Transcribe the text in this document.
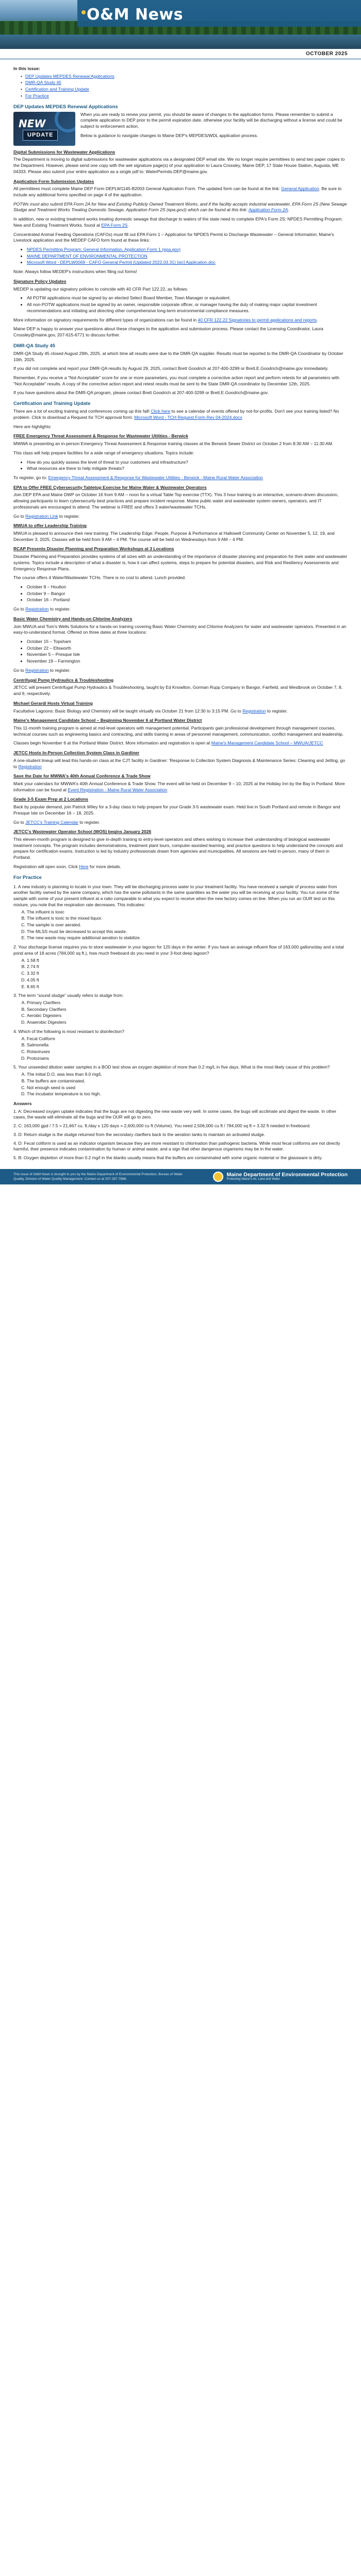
O&M News
OCTOBER 2025
In this issue:
• DEP Updates MEPDES Renewal Applications
• DMR-QA Study 45
• Certification and Training Update
• For Practice
DEP Updates MEPDES Renewal Applications
NEW
UPDATE

When you are ready to renew your permit, you should be aware of changes to the application forms. Please remember to submit a complete application to DEP prior to the permit expiration date, otherwise your facility will be discharging without a license and could be subject to enforcement action.

Below is guidance to navigate changes to Maine DEP's MEPDES/WDL application process.

Digital Submissions for Wastewater Applications

The Department is moving to digital submissions for wastewater applications via a designated DEP email site. We no longer require permittees to send two paper copies to the Department. However, please send one copy with the wet signature page(s) of your application to Laura Crossley, Maine DEP, 17 State House Station, Augusta, ME 04333. Please also submit your entire application as a single pdf to: WaterPermits.DEP@maine.gov.

Application Form Submission Updates

All permittees must complete Maine DEP Form DEPLW1145-B2003 General Application Form. The updated form can be found at the link: General Application. Be sure to include any additional forms specified on page 4 of the application.

POTWs must also submit EPA Form 2A for New and Existing Publicly Owned Treatment Works, and if the facility accepts industrial wastewater, EPA Form 2S (New Sewage Sludge and Treatment Works Treating Domestic Sewage, Application Form 2S (epa.gov)) which can be found at this link: Application Form 2A.

In addition, new or existing treatment works treating domestic sewage that discharge to waters of the state need to complete EPA's Form 2S: NPDES Permitting Program: New and Existing Treatment Works, found at EPA Form 2S.

Concentrated Animal Feeding Operations (CAFOs) must fill out EPA Form 1 – Application for NPDES Permit to Discharge Wastewater – General Information; Maine's Livestock application and the MEDEP CAFO form found at these links:

• NPDES Permitting Program: General Information, Application Form 1 (epa.gov)
• MAINE DEPARTMENT OF ENVIRONMENTAL PROTECTION
• Microsoft Word - DEPLW0069 - CAFO General Permit (Updated 2022.03.31) [sic] Application.doc

Note: Always follow MEDEP's instructions when filing out forms!

Signature Policy Updates

MEDEP is updating our signatory policies to coincide with 40 CFR Part 122.22, as follows:

• All POTW applications must be signed by an elected Select Board Member, Town Manager or equivalent.
• All non-POTW applications must be signed by an owner, responsible corporate officer, or manager having the duty of making major capital investment recommendations and initiating and directing other comprehensive long-term environmental compliance measures.

More information on signatory requirements for different types of organizations can be found in 40 CFR 122.22 Signatories to permit applications and reports.

Maine DEP is happy to answer your questions about these changes to the application and submission process. Please contact the Licensing Coordinator, Laura Crossley@maine.gov, 207-615-6771 to discuss further.

DMR-QA Study 45

DMR-QA Study 45 closed August 29th, 2025, at which time all results were due to the DMR-QA supplier. Results must be reported to the DMR-QA Coordinator by October 10th, 2025.

If you did not complete and report your DMR-QA results by August 29, 2025, contact Brett Goodrich at 207-400-3299 or Brett.E.Goodrich@maine.gov immediately.

Remember, if you receive a "Not Acceptable" score for one or more parameters, you must complete a corrective action report and perform retests for all parameters with "Not Acceptable" results. A copy of the corrective action report and retest results must be sent to the State DMR-QA coordinator by December 12th, 2025.

If you have questions about the DMR-QA program, please contact Brett Goodrich at 207-400-3299 or Brett.E.Goodrich@maine.gov.

Certification and Training Update

There are a lot of exciting training and conferences coming up this fall! Click here to see a calendar of events offered by not-for-profits. Don't see your training listed? No problem. Click to download a Request for TCH approval form: Microsoft Word - TCH Request Form Rev 04-2024.docx

Here are highlights:

FREE Emergency Threat Assessment & Response for Wastewater Utilities - Berwick

MWWA is presenting an in-person Emergency Threat Assessment & Response training classes at the Berwick Sewer District on October 2 from 8:30 AM – 11:30 AM.

This class will help prepare facilities for a wide range of emergency situations. Topics include:

• How do you quickly assess the level of threat to your customers and infrastructure?
• What resources are there to help mitigate threats?

To register, go to: Emergency Threat Assessment & Response for Wastewater Utilities - Berwick - Maine Rural Water Association

EPA to Offer FREE Cybersecurity Tabletop Exercise for Maine Water & Wastewater Operators

Join DEP EPA and Maine DWP on October 16 from 9 AM – noon for a virtual Table Top exercise (TTX). This 3 hour training is an interactive, scenario-driven discussion, allowing participants to learn cybersecurity best practices and prepare incident response. Maine public water and wastewater system owners, operators, and IT professionals are encouraged to attend. The webinar is FREE and offers 3 water/wastewater TCHs.

Go to Registration Link to register.

MWUA to offer Leadership Training

MWUA is pleased to announce their new training: The Leadership Edge: People, Purpose & Performance at Hallowell Community Center on November 5, 12, 19, and December 3, 2025. Classes will be held from 9 AM – 4 PM. The course will be held on Wednesdays from 9 AM – 4 PM.

RCAP Presents Disaster Planning and Preparation Workshops at 3 Locations

Disaster Planning and Preparation provides systems of all sizes with an understanding of the importance of disaster planning and preparation for their water and wastewater systems. Topics include a description of what a disaster is, how it can affect systems, steps to prepare for potential disasters, and Risk and Resiliency Assessments and Emergency Response Plans.

The course offers 4 Water/Wastewater TCHs. There is no cost to attend. Lunch provided.

• October 8 – Houlton
• October 9 – Bangor
• October 16 – Portland

Go to Registration to register.

Basic Water Chemistry and Hands-on Chlorine Analyzers

Join MWUA and Tom's Wells Solutions for a hands-on training covering Basic Water Chemistry and Chlorine Analyzers for water and wastewater operators. Presented in an easy-to-understand format. Offered on three dates at three locations:

• October 15 – Topsham
• October 22 – Ellsworth
• November 5 – Presque Isle
• November 19 – Farmington

Go to Registration to register.

Centrifugal Pump Hydraulics & Troubleshooting

JETCC will present Centrifugal Pump Hydraulics & Troubleshooting, taught by Ed Knowlton, Gorman Rupp Company in Bangor, Fairfield, and Westbrook on October 7, 8, and 9, respectively.

Michael Gerardi Hosts Virtual Training

Facultative Lagoons: Basic Biology and Chemistry will be taught virtually via October 21 from 12:30 to 3:15 PM. Go to Registration to register.

Maine's Management Candidate School – Beginning November 6 at Portland Water District

This 11-month training program is aimed at mid-level operators with management potential. Participants gain professional development through management courses, technical courses such as engineering basics and contracting, and skills training in areas of personnel management, communication, conflict management and leadership.

Classes begin November 6 at the Portland Water District. More information and registration is open at Maine's Management Candidate School – MWUA/JETCC

JETCC Hosts In-Person Collection System Class in Gardiner

A one-student lineup will lead this hands-on class at the CJT facility in Gardiner: 'Response to Collection System Diagnosis & Maintenance Series: Cleaning and Jetting, go to Registration

Save the Date for MWWA's 40th Annual Conference & Trade Show

Mark your calendars for MWWA's 40th Annual Conference & Trade Show. The event will be held on December 9 – 10, 2025 at the Holiday Inn by the Bay in Portland. More information can be found at Event Registration - Maine Rural Water Association

Grade 3-5 Exam Prep at 2 Locations

Back by popular demand, join Patrick Wiley for a 3-day class to help prepare for your Grade 3-5 wastewater exam. Held live in South Portland and remote in Bangor and Presque Isle on December 16 – 18, 2025.

Go to JETCC's Training Calendar to register.

JETCC's Wastewater Operator School (WOS) begins January 2026

This eleven-month program is designed to give in-depth training to entry-level operators and others wishing to increase their understanding of biological wastewater treatment concepts. The program includes demonstrations, treatment plant tours, computer-assisted learning, and practice questions to help understand the concepts and prepare for certification exams. Instruction is led by industry professionals drawn from agencies and municipalities. All sessions are held in-person, many of them in Portland.

Registration will open soon. Click Here for more details.

For Practice

1. A new industry is planning to locate in your town. They will be discharging process water to your treatment facility. You have received a sample of process water from another facility owned by the same company, which has the same pollutants in the same quantities as the water you will be receiving at your facility. You run some of the sample with some of your present influent at a ratio comparable to what you expect to receive when the new factory comes on line. When you run an OUR test on this mixture, you note that the respiration rate decreases. This indicates:

A. The influent is toxic
B. The influent is toxic to the mixed liquor.
C. The sample is over aerated.
D. The MLSS must be decreased to accept this waste.
E. The new waste may require additional aeration to stabilize.

2. Your discharge license requires you to store wastewater in your lagoon for 120 days in the winter. If you have an average influent flow of 163,000 gallons/day and a total pond area of 18 acres (784,000 sq ft.), how much freeboard do you need in your 3-foot deep lagoon?

A. 1.58 ft
B. 2.74 ft
C. 3.32 ft
D. 4.05 ft
E. 8.65 ft

3. The term “sound sludge” usually refers to sludge from:

A. Primary Clarifiers
B. Secondary Clarifiers
C. Aerobic Digesters
D. Anaerobic Digesters

4. Which of the following is most resistant to disinfection?

A. Fecal Coliform
B. Salmonella
C. Rotaviruses
D. Protozoans

5. Your unseeded dilution water samples in a BOD test show an oxygen depletion of more than 0.2 mg/L in five days. What is the most likely cause of this problem?

A. The initial D.O. was less than 9.0 mg/L
B. The buffers are contaminated.
C. Not enough seed is used
D. The incubator temperature is too high.
Answers

1. A: Decreased oxygen uptake indicates that the bugs are not digesting the new waste very well. In some cases, the bugs will acclimate and digest the waste. In other cases, the waste will eliminate all the bugs and the OUR will go to zero.

2. C: 163,000 gpd / 7.5 = 21,667 cu. ft./day x 120 days = 2,600,000 cu ft (Volume). You need 2,506,000 cu ft / 784,000 sq ft = 3.32 ft needed in freeboard.

3. D: Return sludge is the sludge returned from the secondary clarifiers back to the aeration tanks to maintain an activated sludge.

4. D: Fecal coliform is used as an indicator organism because they are more resistant to chlorination than pathogenic bacteria. While most fecal coliforms are not directly harmful, their presence indicates contamination by human or animal waste, and a sign that other dangerous organisms may be in the water.

5. B: Oxygen depletion of more than 0.2 mg/l in the blanks usually means that the buffers are contaminated with some organic material or the glassware is dirty.

This issue of O&M News is brought to you by the Maine Department of Environmental Protection, Bureau of Water Quality, Division of Water Quality Management. Contact us at 207-287-7688.
Maine Department of Environmental Protection
Protecting Maine's Air, Land and Water
